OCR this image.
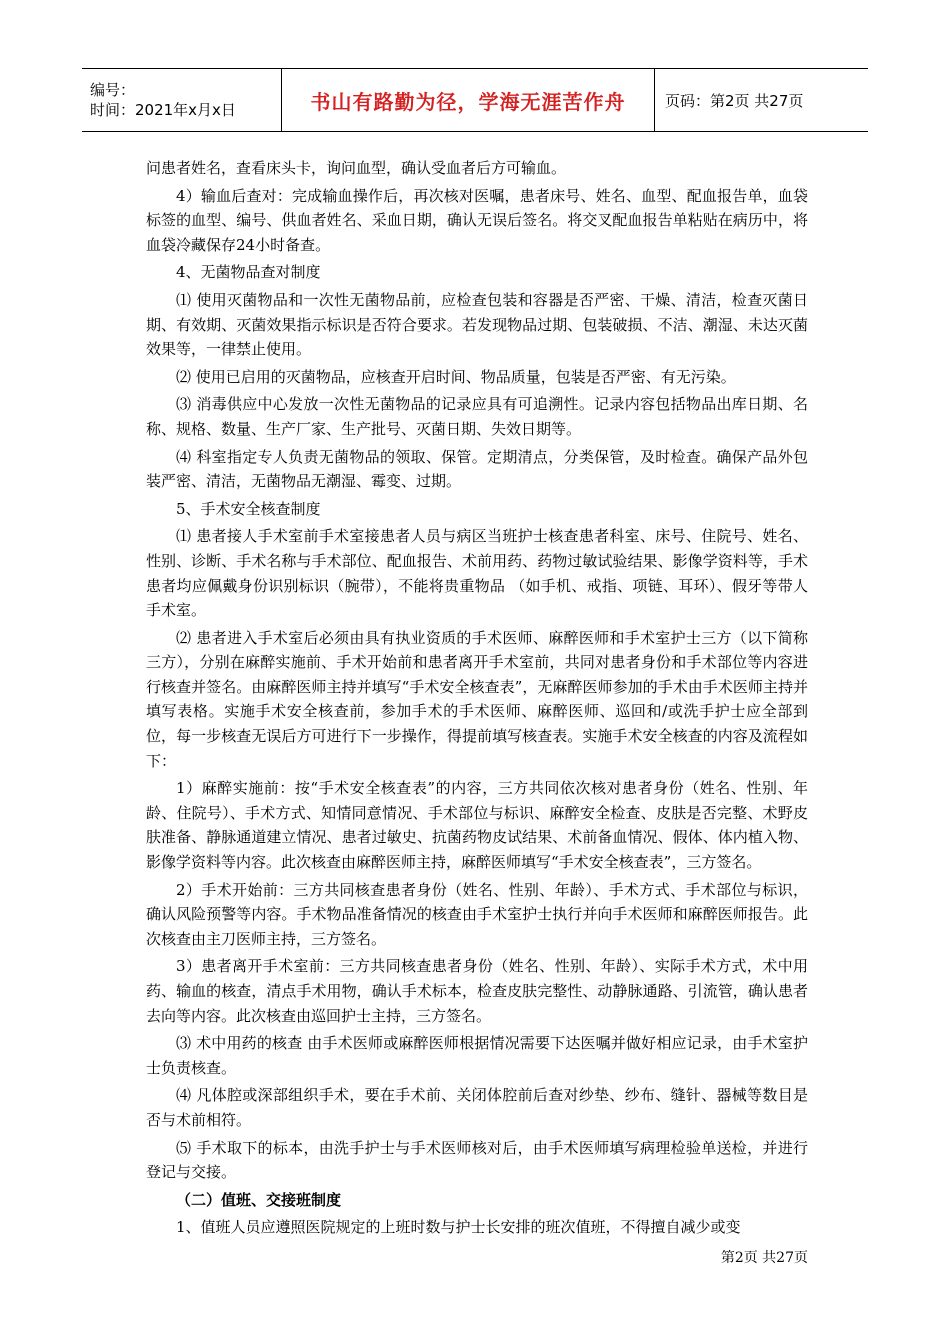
编号：
时间：2021年x月x日	书山有路勤为径，学海无涯苦作舟	页码：第2页 共27页

问患者姓名，查看床头卡，询问血型，确认受血者后方可输血。

4）输血后查对：完成输血操作后，再次核对医嘱，患者床号、姓名、血型、配血报告单，血袋标签的血型、编号、供血者姓名、采血日期，确认无误后签名。将交叉配血报告单粘贴在病历中，将血袋冷藏保存24小时备查。

4、无菌物品查对制度

⑴ 使用灭菌物品和一次性无菌物品前，应检查包装和容器是否严密、干燥、清洁，检查灭菌日期、有效期、灭菌效果指示标识是否符合要求。若发现物品过期、包装破损、不洁、潮湿、未达灭菌效果等，一律禁止使用。

⑵ 使用已启用的灭菌物品，应核查开启时间、物品质量，包装是否严密、有无污染。

⑶ 消毒供应中心发放一次性无菌物品的记录应具有可追溯性。记录内容包括物品出库日期、名称、规格、数量、生产厂家、生产批号、灭菌日期、失效日期等。

⑷ 科室指定专人负责无菌物品的领取、保管。定期清点，分类保管，及时检查。确保产品外包装严密、清洁，无菌物品无潮湿、霉变、过期。

5、手术安全核查制度

⑴ 患者接人手术室前手术室接患者人员与病区当班护士核查患者科室、床号、住院号、姓名、性别、诊断、手术名称与手术部位、配血报告、术前用药、药物过敏试验结果、影像学资料等，手术患者均应佩戴身份识别标识（腕带），不能将贵重物品 （如手机、戒指、项链、耳环）、假牙等带人手术室。

⑵ 患者进入手术室后必须由具有执业资质的手术医师、麻醉医师和手术室护士三方（以下简称三方），分别在麻醉实施前、手术开始前和患者离开手术室前，共同对患者身份和手术部位等内容进行核查并签名。由麻醉医师主持并填写“手术安全核查表”，无麻醉医师参加的手术由手术医师主持并填写表格。实施手术安全核查前，参加手术的手术医师、麻醉医师、巡回和/或洗手护士应全部到位，每一步核查无误后方可进行下一步操作，得提前填写核查表。实施手术安全核查的内容及流程如下：

1）麻醉实施前：按“手术安全核查表”的内容，三方共同依次核对患者身份（姓名、性别、年龄、住院号）、手术方式、知情同意情况、手术部位与标识、麻醉安全检查、皮肤是否完整、术野皮肤准备、静脉通道建立情况、患者过敏史、抗菌药物皮试结果、术前备血情况、假体、体内植入物、影像学资料等内容。此次核查由麻醉医师主持，麻醉医师填写“手术安全核查表”，三方签名。

2）手术开始前：三方共同核查患者身份（姓名、性别、年龄）、手术方式、手术部位与标识，确认风险预警等内容。手术物品准备情况的核查由手术室护士执行并向手术医师和麻醉医师报告。此次核查由主刀医师主持，三方签名。

3）患者离开手术室前：三方共同核查患者身份（姓名、性别、年龄）、实际手术方式，术中用药、输血的核查，清点手术用物，确认手术标本，检查皮肤完整性、动静脉通路、引流管，确认患者去向等内容。此次核查由巡回护士主持，三方签名。

⑶ 术中用药的核查 由手术医师或麻醉医师根据情况需要下达医嘱并做好相应记录，由手术室护士负责核查。

⑷ 凡体腔或深部组织手术，要在手术前、关闭体腔前后查对纱垫、纱布、缝针、器械等数目是否与术前相符。

⑸ 手术取下的标本，由洗手护士与手术医师核对后，由手术医师填写病理检验单送检，并进行登记与交接。

（二）值班、交接班制度

1、值班人员应遵照医院规定的上班时数与护士长安排的班次值班，不得擅自减少或变

第2页 共27页
